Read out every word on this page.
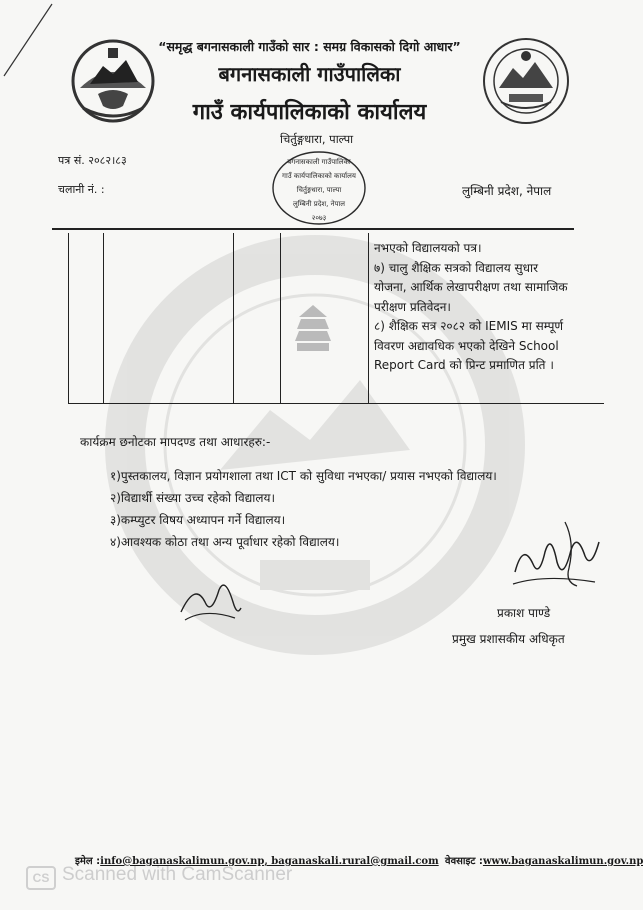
“समृद्ध बगनासकाली गाउँको सार : समग्र विकासको दिगो आधार”
बगनासकाली गाउँपालिका
गाउँ कार्यपालिकाको कार्यालय
चिर्तुङ्गधारा, पाल्पा
पत्र सं. २०८२।८३
चलानी नं. :	लुम्बिनी प्रदेश, नेपाल
बगनासकाली गाउँपालिका
गाउँ कार्यपालिकाको कार्यालय
चिर्तुङ्गधारा, पाल्पा
लुम्बिनी प्रदेश, नेपाल
२०७३
नभएको विद्यालयको पत्र।
७) चालु शैक्षिक सत्रको विद्यालय सुधार
योजना, आर्थिक लेखापरीक्षण तथा सामाजिक
परीक्षण प्रतिवेदन।
८) शैक्षिक सत्र २०८२ को IEMIS मा सम्पूर्ण
विवरण अद्यावधिक भएको देखिने School
Report Card को प्रिन्ट प्रमाणित प्रति ।
कार्यक्रम छनोटका मापदण्ड तथा आधारहरु:-
१)पुस्तकालय, विज्ञान प्रयोगशाला तथा ICT को सुविधा नभएका/ प्रयास नभएको विद्यालय।
२)विद्यार्थी संख्या उच्च रहेको विद्यालय।
३)कम्प्युटर विषय अध्यापन गर्ने विद्यालय।
४)आवश्यक कोठा तथा अन्य पूर्वाधार रहेको विद्यालय।
प्रकाश पाण्डे
प्रमुख प्रशासकीय अधिकृत
इमेल :info@baganaskalimun.gov.np, baganaskali.rural@gmail.com वेवसाइट :www.baganaskalimun.gov.np
CS Scanned with CamScanner
